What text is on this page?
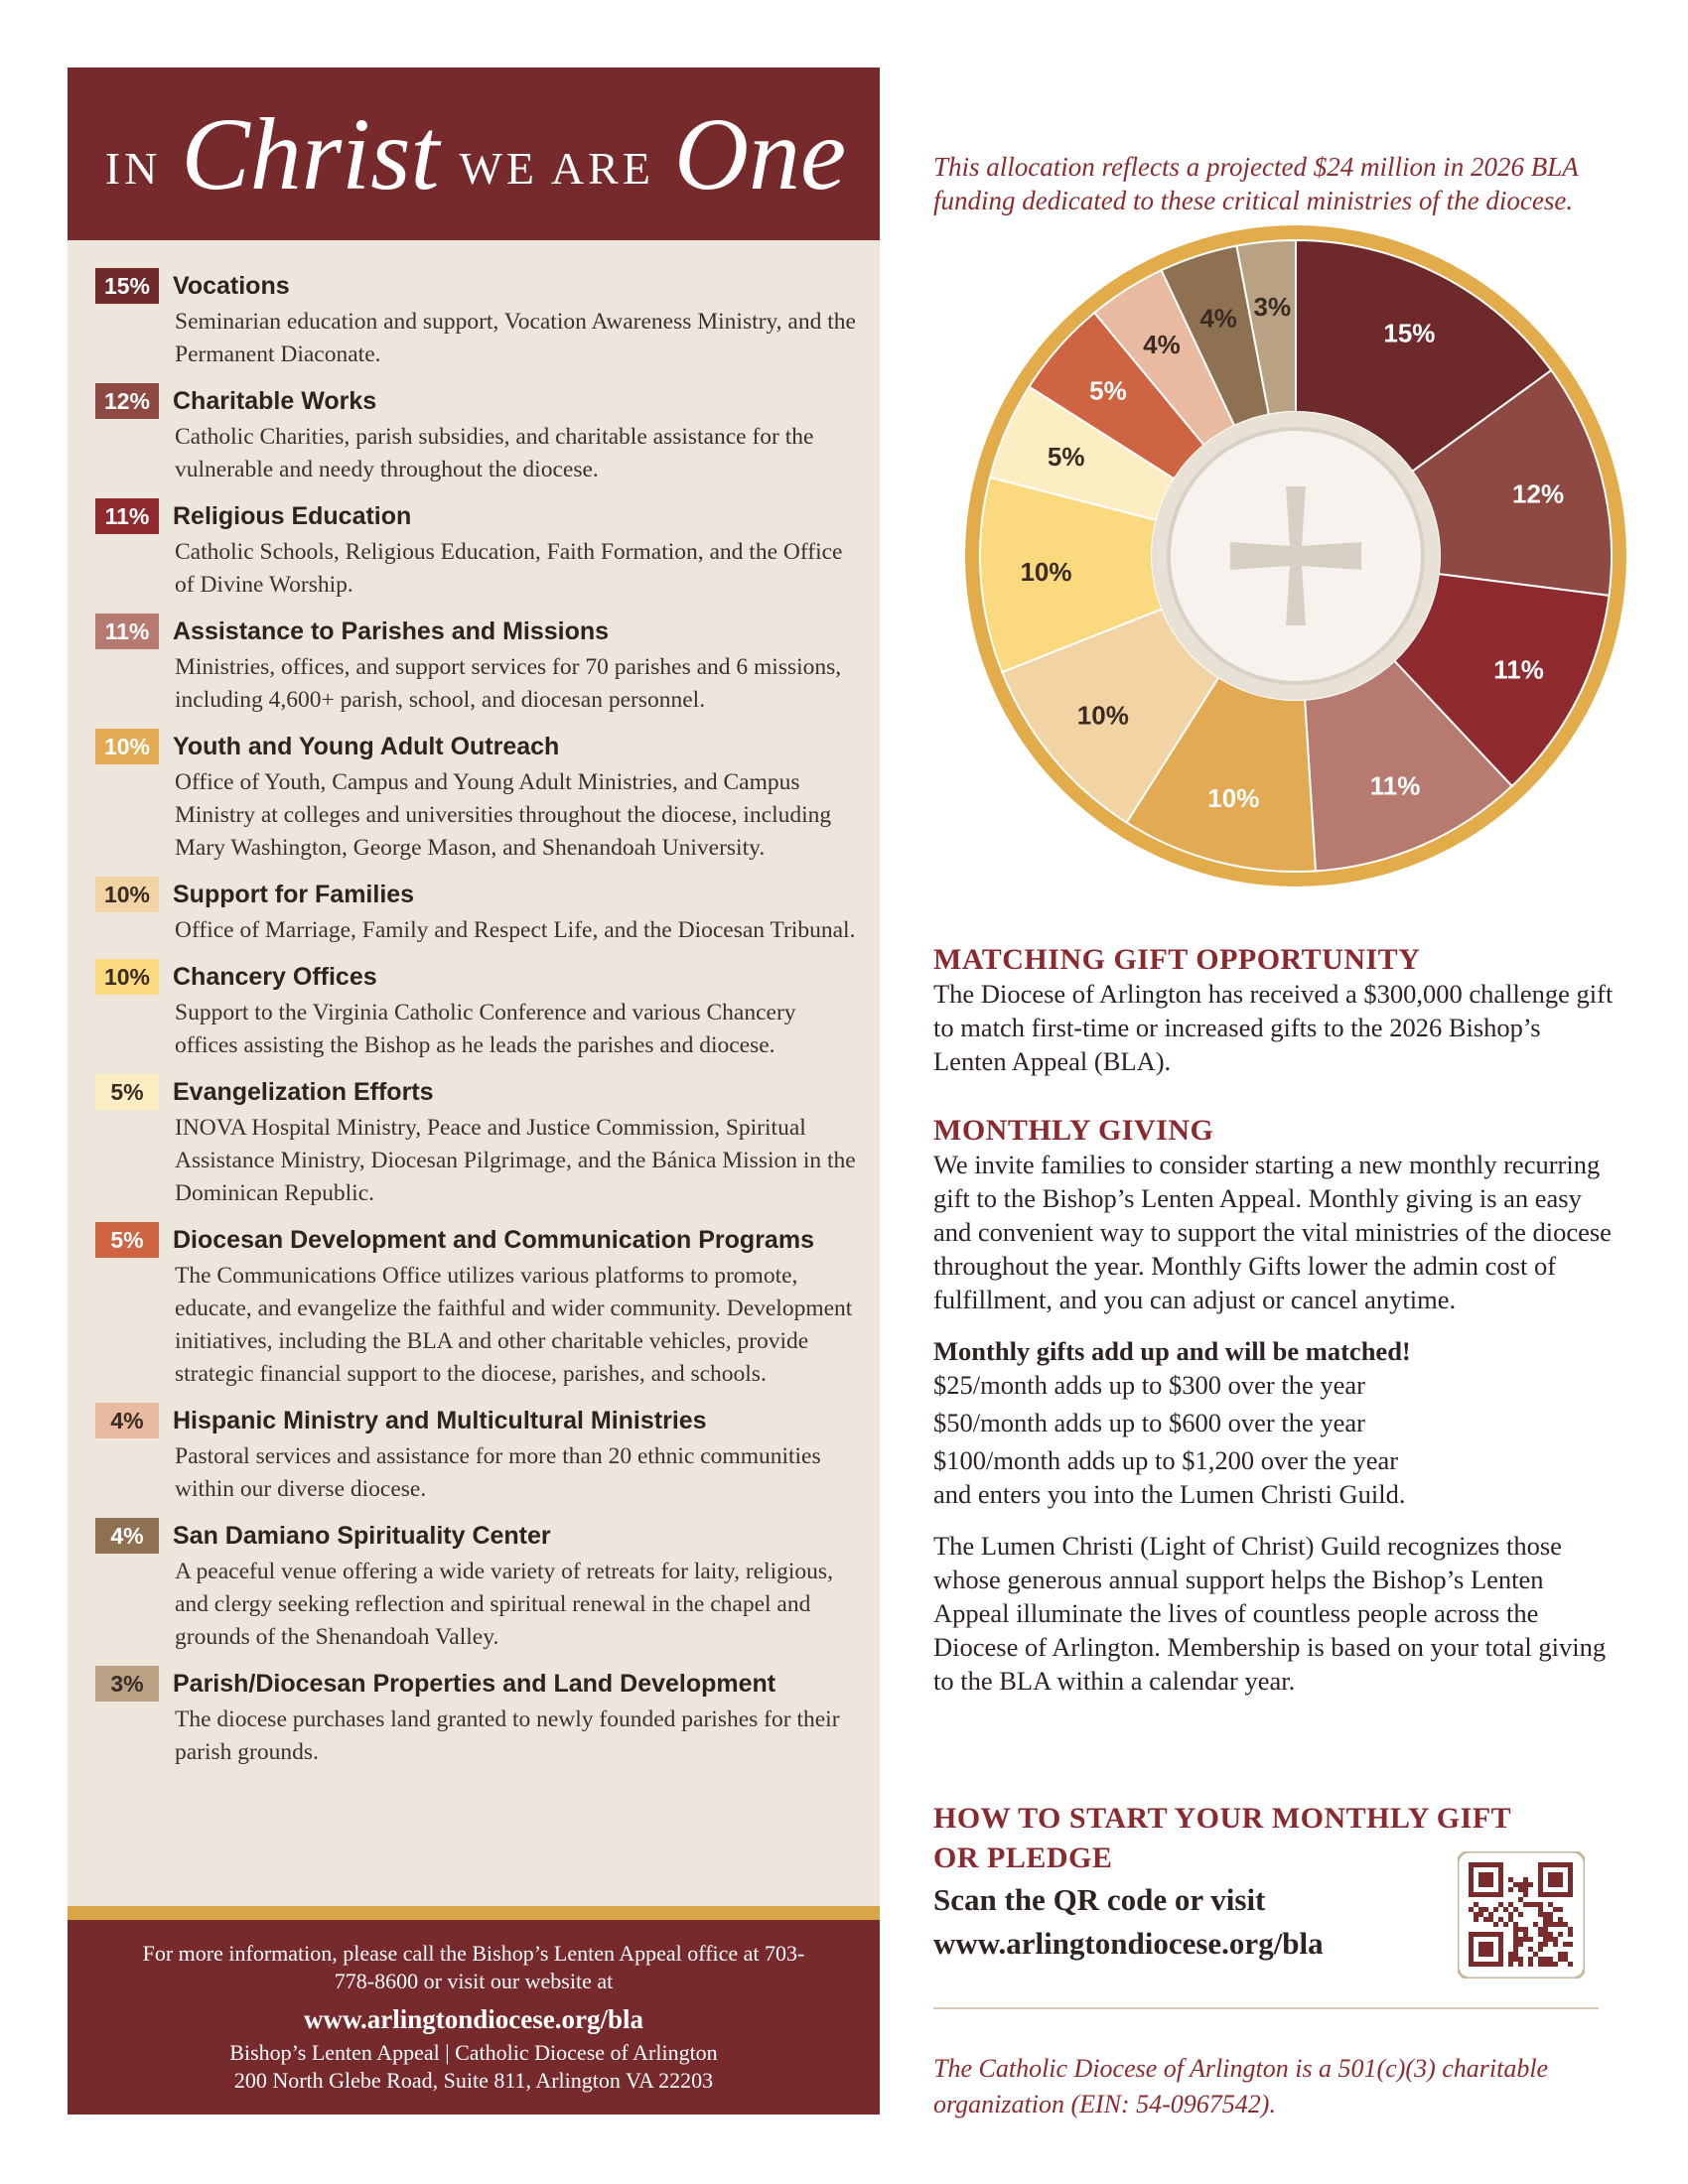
IN Christ WE ARE One
15% Vocations
Seminarian education and support, Vocation Awareness Ministry, and the Permanent Diaconate.
12% Charitable Works
Catholic Charities, parish subsidies, and charitable assistance for the vulnerable and needy throughout the diocese.
11% Religious Education
Catholic Schools, Religious Education, Faith Formation, and the Office of Divine Worship.
11% Assistance to Parishes and Missions
Ministries, offices, and support services for 70 parishes and 6 missions, including 4,600+ parish, school, and diocesan personnel.
10% Youth and Young Adult Outreach
Office of Youth, Campus and Young Adult Ministries, and Campus Ministry at colleges and universities throughout the diocese, including Mary Washington, George Mason, and Shenandoah University.
10% Support for Families
Office of Marriage, Family and Respect Life, and the Diocesan Tribunal.
10% Chancery Offices
Support to the Virginia Catholic Conference and various Chancery offices assisting the Bishop as he leads the parishes and diocese.
5%	Evangelization Efforts
INOVA Hospital Ministry, Peace and Justice Commission, Spiritual Assistance Ministry, Diocesan Pilgrimage, and the Bánica Mission in the Dominican Republic.
5%	Diocesan Development and Communication Programs
The Communications Office utilizes various platforms to promote, educate, and evangelize the faithful and wider community. Development initiatives, including the BLA and other charitable vehicles, provide strategic financial support to the diocese, parishes, and schools.
4%	Hispanic Ministry and Multicultural Ministries
Pastoral services and assistance for more than 20 ethnic communities within our diverse diocese.
4%	San Damiano Spirituality Center
A peaceful venue offering a wide variety of retreats for laity, religious, and clergy seeking reflection and spiritual renewal in the chapel and grounds of the Shenandoah Valley.
3%	Parish/Diocesan Properties and Land Development
The diocese purchases land granted to newly founded parishes for their parish grounds.

For more information, please call the Bishop’s Lenten Appeal office at 703-778-8600 or visit our website at

www.arlingtondiocese.org/bla

Bishop’s Lenten Appeal | Catholic Diocese of Arlington

200 North Glebe Road, Suite 811, Arlington VA 22203

This allocation reflects a projected $24 million in 2026 BLA funding dedicated to these critical ministries of the diocese.

15%
12%
11%
11%
10%
10%
10%
5%
5%
4%
4% 3%

MATCHING GIFT OPPORTUNITY

The Diocese of Arlington has received a $300,000 challenge gift to match first-time or increased gifts to the 2026 Bishop’s Lenten Appeal (BLA).

MONTHLY GIVING

We invite families to consider starting a new monthly recurring gift to the Bishop’s Lenten Appeal. Monthly giving is an easy and convenient way to support the vital ministries of the diocese throughout the year. Monthly Gifts lower the admin cost of fulfillment, and you can adjust or cancel anytime.

Monthly gifts add up and will be matched!

$25/month adds up to $300 over the year

$50/month adds up to $600 over the year

$100/month adds up to $1,200 over the year

and enters you into the Lumen Christi Guild.

The Lumen Christi (Light of Christ) Guild recognizes those whose generous annual support helps the Bishop’s Lenten Appeal illuminate the lives of countless people across the Diocese of Arlington. Membership is based on your total giving to the BLA within a calendar year.

HOW TO START YOUR MONTHLY GIFT

OR PLEDGE

Scan the QR code or visit

www.arlingtondiocese.org/bla

The Catholic Diocese of Arlington is a 501(c)(3) charitable organization (EIN: 54-0967542).
